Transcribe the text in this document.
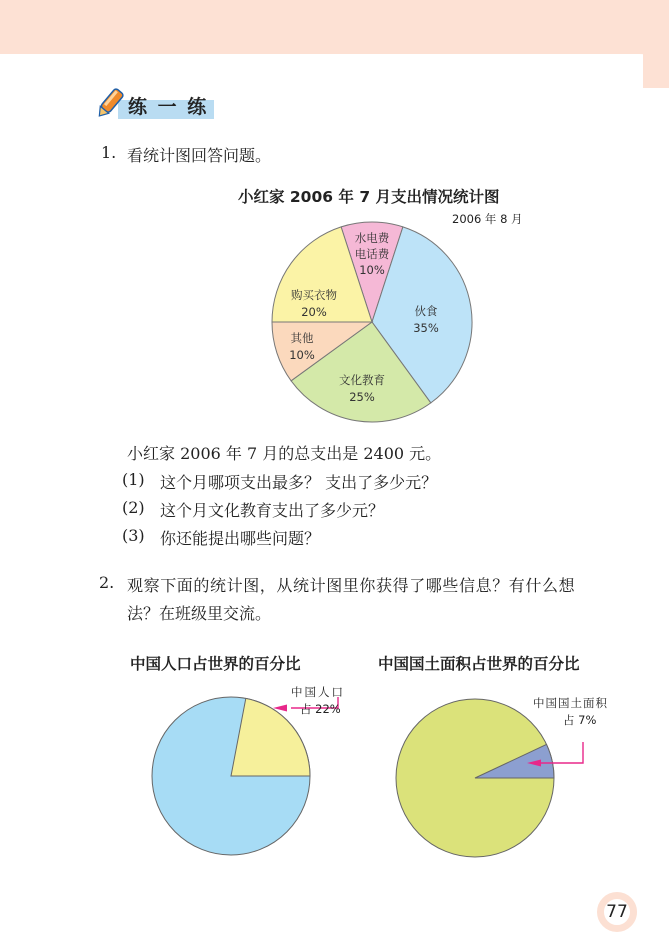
练 一 练
1. 看统计图回答问题。
小红家 2006 年 7 月支出情况统计图
2006 年 8 月
水电费
电话费
10%
伙食
35%
文化教育
25%
其他
10%
购买衣物
20%
小红家 2006 年 7 月的总支出是 2400 元。
(1) 这个月哪项支出最多？ 支出了多少元？
(2) 这个月文化教育支出了多少元？
(3) 你还能提出哪些问题？
2. 观察下面的统计图，从统计图里你获得了哪些信息？有什么想
法？在班级里交流。
中国人口占世界的百分比	中国国土面积占世界的百分比
中国人口
占 22%	中国国土面积
占 7%
77
